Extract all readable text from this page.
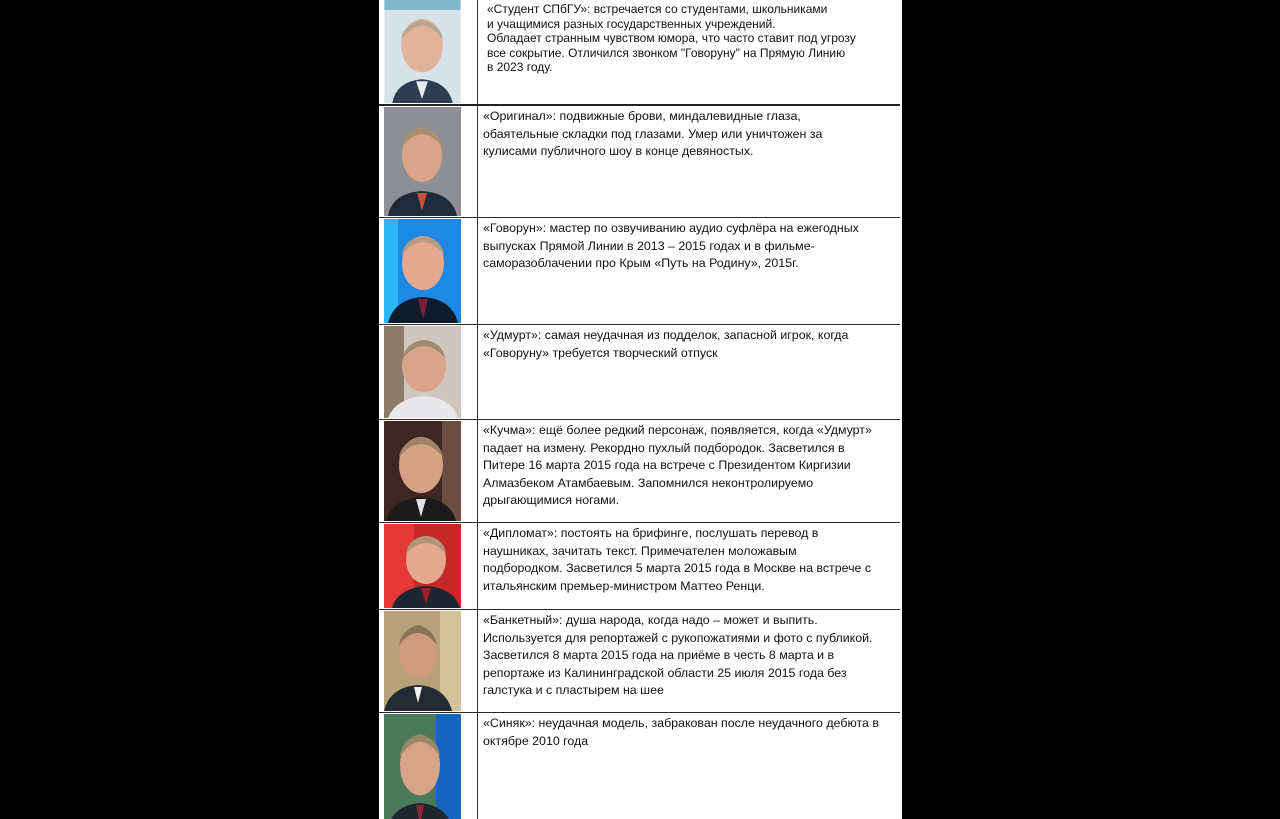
«Студент СПбГУ»: встречается со студентами, школьниками
и учащимися разных государственных учреждений.
Обладает странным чувством юмора, что часто ставит под угрозу
все сокрытие. Отличился звонком "Говоруну" на Прямую Линию
в 2023 году.
«Оригинал»: подвижные брови, миндалевидные глаза,
обаятельные складки под глазами. Умер или уничтожен за
кулисами публичного шоу в конце девяностых.
«Говорун»: мастер по озвучиванию аудио суфлёра на ежегодных
выпусках Прямой Линии в 2013 – 2015 годах и в фильме-
саморазоблачении про Крым «Путь на Родину», 2015г.
«Удмурт»: самая неудачная из подделок, запасной игрок, когда
«Говоруну» требуется творческий отпуск
«Кучма»: ещё более редкий персонаж, появляется, когда «Удмурт»
падает на измену. Рекордно пухлый подбородок. Засветился в
Питере 16 марта 2015 года на встрече с Президентом Киргизии
Алмазбеком Атамбаевым. Запомнился неконтролируемо
дрыгающимися ногами.
«Дипломат»: постоять на брифинге, послушать перевод в
наушниках, зачитать текст. Примечателен моложавым
подбородком. Засветился 5 марта 2015 года в Москве на встрече с
итальянским премьер-министром Маттео Ренци.
«Банкетный»: душа народа, когда надо – может и выпить.
Используется для репортажей с рукопожатиями и фото с публикой.
Засветился 8 марта 2015 года на приёме в честь 8 марта и в
репортаже из Калининградской области 25 июля 2015 года без
галстука и с пластырем на шее
«Синяк»: неудачная модель, забракован после неудачного дебюта в
октябре 2010 года
